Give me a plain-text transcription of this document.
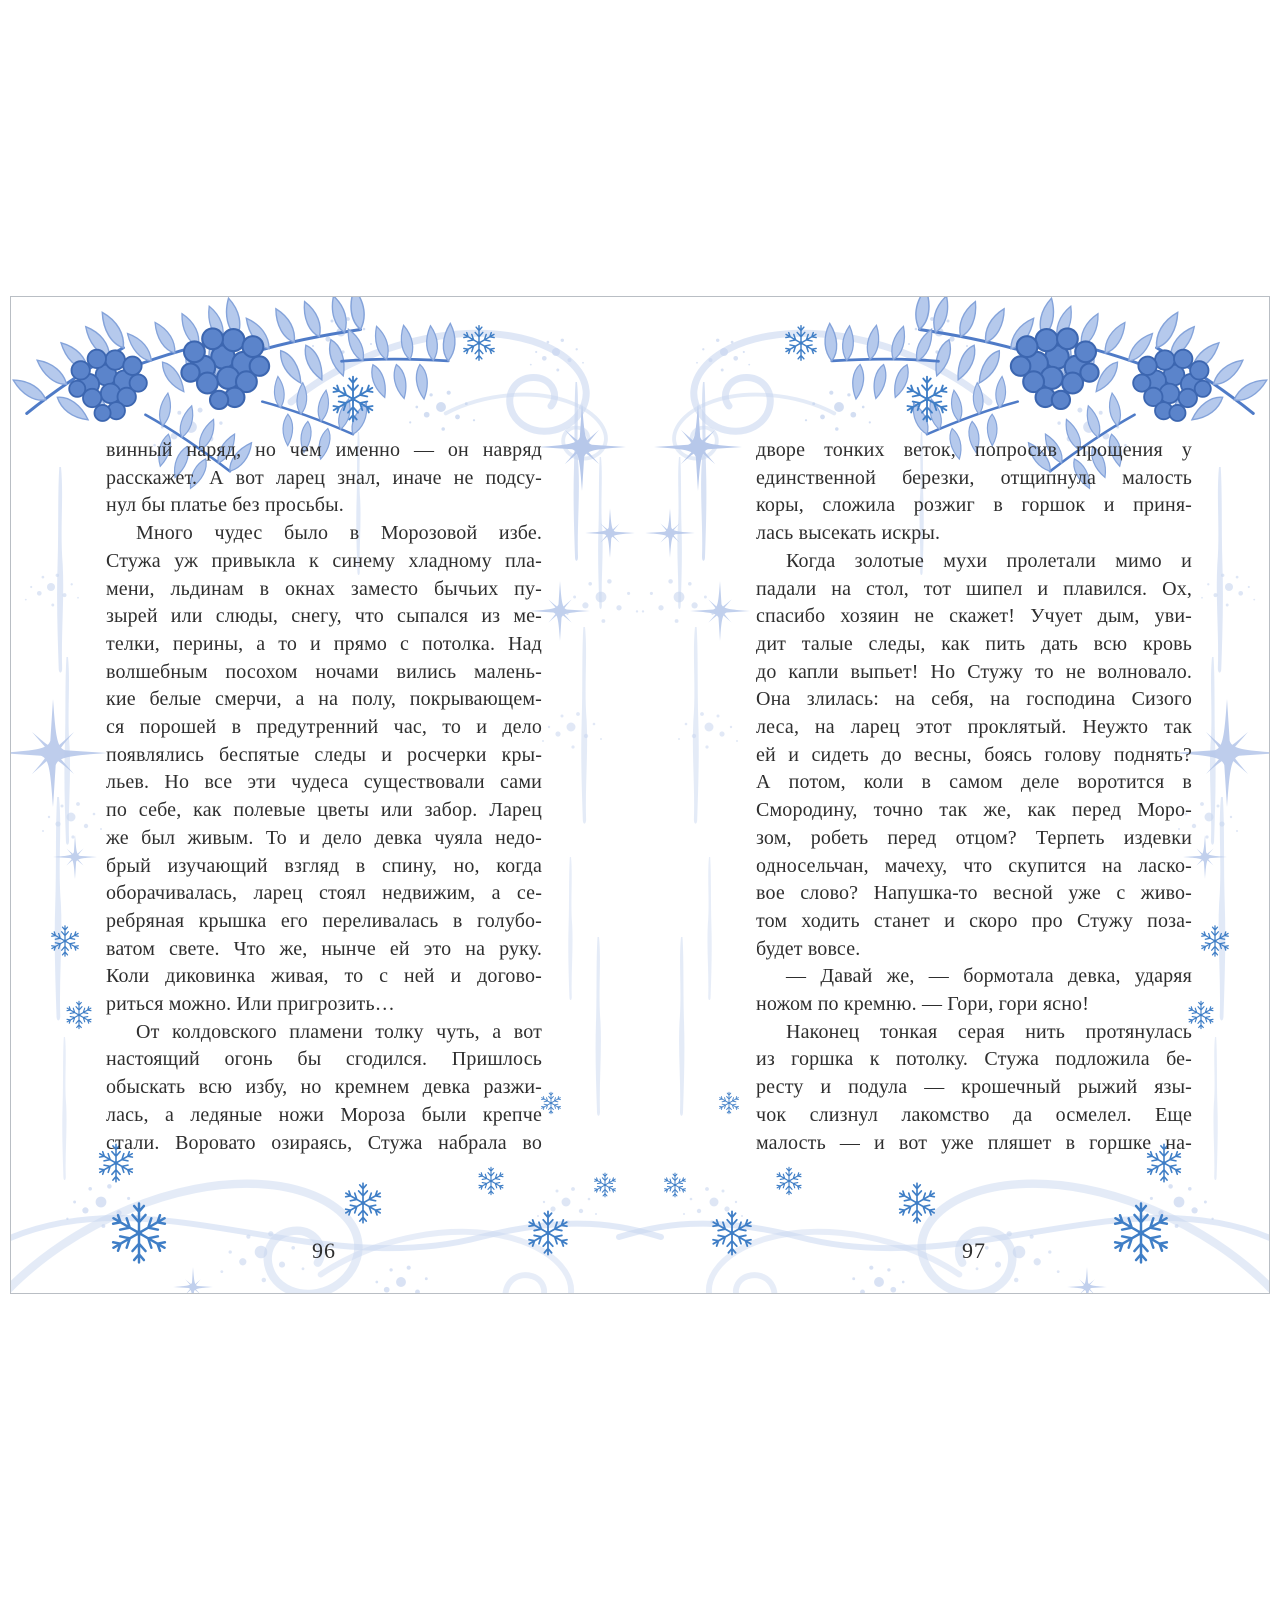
винный наряд, но чем именно — он навряд
расскажет. А вот ларец знал, иначе не подсу-
нул бы платье без просьбы.
Много чудес было в Морозовой избе.
Стужа уж привыкла к синему хладному пла-
мени, льдинам в окнах заместо бычьих пу-
зырей или слюды, снегу, что сыпался из ме-
телки, перины, а то и прямо с потолка. Над
волшебным посохом ночами вились малень-
кие белые смерчи, а на полу, покрывающем-
ся порошей в предутренний час, то и дело
появлялись беспятые следы и росчерки кры-
льев. Но все эти чудеса существовали сами
по себе, как полевые цветы или забор. Ларец
же был живым. То и дело девка чуяла недо-
брый изучающий взгляд в спину, но, когда
оборачивалась, ларец стоял недвижим, а се-
ребряная крышка его переливалась в голубо-
ватом свете. Что же, нынче ей это на руку.
Коли диковинка живая, то с ней и догово-
риться можно. Или пригрозить…
От колдовского пламени толку чуть, а вот
настоящий огонь бы сгодился. Пришлось
обыскать всю избу, но кремнем девка разжи-
лась, а ледяные ножи Мороза были крепче
стали. Воровато озираясь, Стужа набрала во
дворе тонких веток, попросив прощения у
единственной березки, отщипнула малость
коры, сложила розжиг в горшок и приня-
лась высекать искры.
Когда золотые мухи пролетали мимо и
падали на стол, тот шипел и плавился. Ох,
спасибо хозяин не скажет! Учует дым, уви-
дит талые следы, как пить дать всю кровь
до капли выпьет! Но Стужу то не волновало.
Она злилась: на себя, на господина Сизого
леса, на ларец этот проклятый. Неужто так
ей и сидеть до весны, боясь голову поднять?
А потом, коли в самом деле воротится в
Смородину, точно так же, как перед Моро-
зом, робеть перед отцом? Терпеть издевки
односельчан, мачеху, что скупится на ласко-
вое слово? Напушка-то весной уже с живо-
том ходить станет и скоро про Стужу поза-
будет вовсе.
— Давай же, — бормотала девка, ударяя
ножом по кремню. — Гори, гори ясно!
Наконец тонкая серая нить протянулась
из горшка к потолку. Стужа подложила бе-
ресту и подула — крошечный рыжий язы-
чок слизнул лакомство да осмелел. Еще
малость — и вот уже пляшет в горшке на-
96	97
